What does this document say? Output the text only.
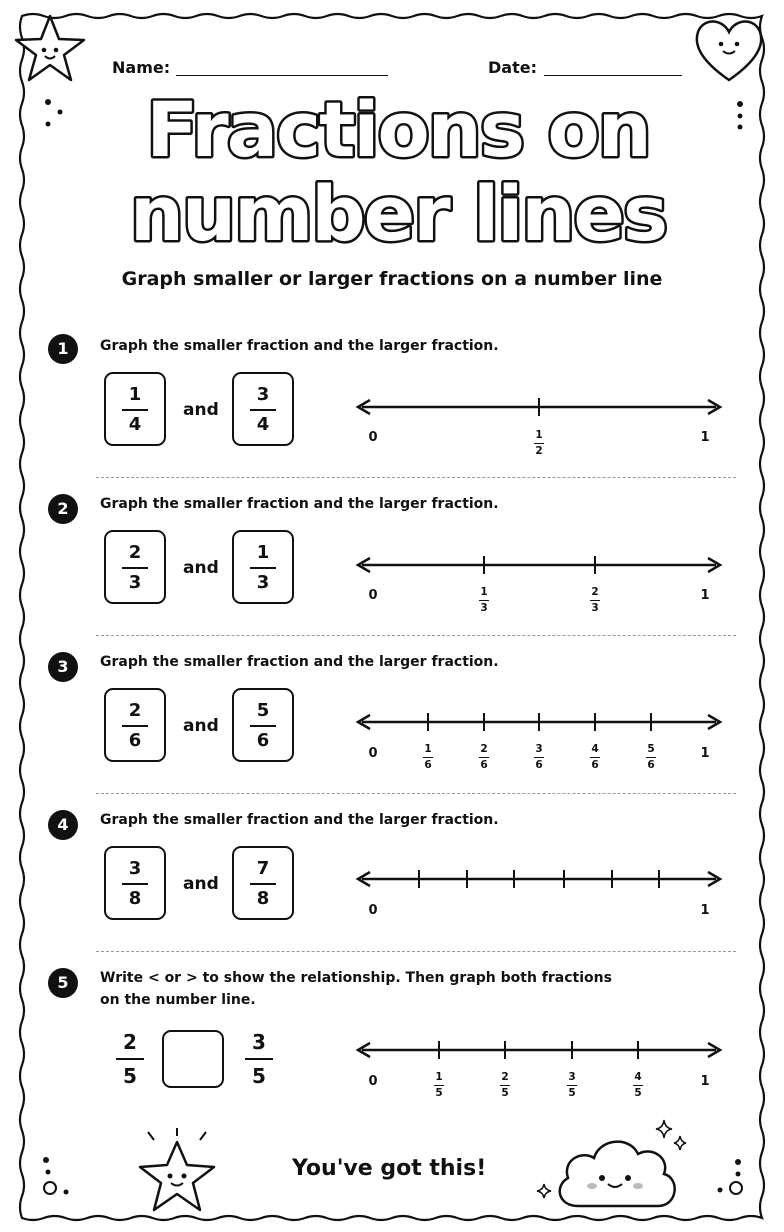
Name:	Date:
Fractions on
number lines
Graph smaller or larger fractions on a number line
1	Graph the smaller fraction and the larger fraction.
1
4
and
3
4
0	1
1
2
2	Graph the smaller fraction and the larger fraction.
2
3
and
1
3
0	1
1
3
2
3
3	Graph the smaller fraction and the larger fraction.
2
6
and
5
6
0	1
1
6
2
6
3
6
4
6
5
6
4	Graph the smaller fraction and the larger fraction.
3
8
and
7
8
0	1
5	Write < or > to show the relationship. Then graph both fractions
on the number line.
2
5
3
5	0	1
1
5
2
5
3
5
4
5
You've got this!
